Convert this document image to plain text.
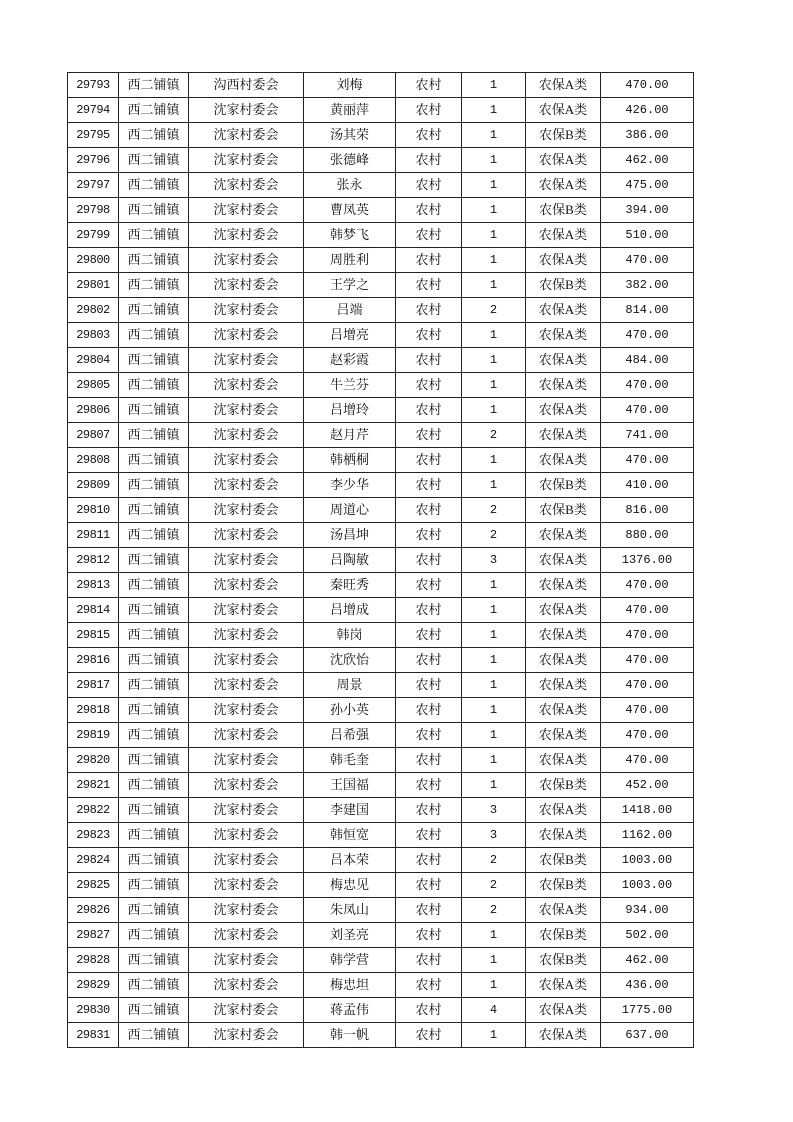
29793	西二铺镇	沟西村委会	刘梅	农村	1	农保A类	470.00
29794	西二铺镇	沈家村委会	黄丽萍	农村	1	农保A类	426.00
29795	西二铺镇	沈家村委会	汤其荣	农村	1	农保B类	386.00
29796	西二铺镇	沈家村委会	张德峰	农村	1	农保A类	462.00
29797	西二铺镇	沈家村委会	张永	农村	1	农保A类	475.00
29798	西二铺镇	沈家村委会	曹凤英	农村	1	农保B类	394.00
29799	西二铺镇	沈家村委会	韩梦飞	农村	1	农保A类	510.00
29800	西二铺镇	沈家村委会	周胜利	农村	1	农保A类	470.00
29801	西二铺镇	沈家村委会	王学之	农村	1	农保B类	382.00
29802	西二铺镇	沈家村委会	吕端	农村	2	农保A类	814.00
29803	西二铺镇	沈家村委会	吕增亮	农村	1	农保A类	470.00
29804	西二铺镇	沈家村委会	赵彩霞	农村	1	农保A类	484.00
29805	西二铺镇	沈家村委会	牛兰芬	农村	1	农保A类	470.00
29806	西二铺镇	沈家村委会	吕增玲	农村	1	农保A类	470.00
29807	西二铺镇	沈家村委会	赵月芹	农村	2	农保A类	741.00
29808	西二铺镇	沈家村委会	韩栖桐	农村	1	农保A类	470.00
29809	西二铺镇	沈家村委会	李少华	农村	1	农保B类	410.00
29810	西二铺镇	沈家村委会	周道心	农村	2	农保B类	816.00
29811	西二铺镇	沈家村委会	汤昌坤	农村	2	农保A类	880.00
29812	西二铺镇	沈家村委会	吕陶敏	农村	3	农保A类	1376.00
29813	西二铺镇	沈家村委会	秦旺秀	农村	1	农保A类	470.00
29814	西二铺镇	沈家村委会	吕增成	农村	1	农保A类	470.00
29815	西二铺镇	沈家村委会	韩岗	农村	1	农保A类	470.00
29816	西二铺镇	沈家村委会	沈欣怡	农村	1	农保A类	470.00
29817	西二铺镇	沈家村委会	周景	农村	1	农保A类	470.00
29818	西二铺镇	沈家村委会	孙小英	农村	1	农保A类	470.00
29819	西二铺镇	沈家村委会	吕希强	农村	1	农保A类	470.00
29820	西二铺镇	沈家村委会	韩毛奎	农村	1	农保A类	470.00
29821	西二铺镇	沈家村委会	王国福	农村	1	农保B类	452.00
29822	西二铺镇	沈家村委会	李建国	农村	3	农保A类	1418.00
29823	西二铺镇	沈家村委会	韩恒宽	农村	3	农保A类	1162.00
29824	西二铺镇	沈家村委会	吕本荣	农村	2	农保B类	1003.00
29825	西二铺镇	沈家村委会	梅忠见	农村	2	农保B类	1003.00
29826	西二铺镇	沈家村委会	朱凤山	农村	2	农保A类	934.00
29827	西二铺镇	沈家村委会	刘圣亮	农村	1	农保B类	502.00
29828	西二铺镇	沈家村委会	韩学营	农村	1	农保B类	462.00
29829	西二铺镇	沈家村委会	梅忠坦	农村	1	农保A类	436.00
29830	西二铺镇	沈家村委会	蒋孟伟	农村	4	农保A类	1775.00
29831	西二铺镇	沈家村委会	韩一帆	农村	1	农保A类	637.00
